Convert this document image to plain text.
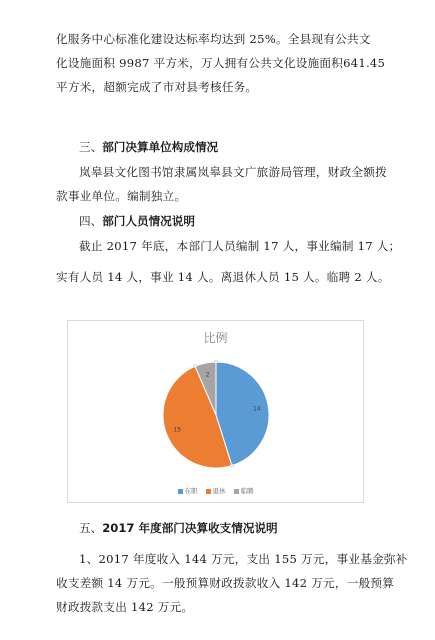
化服务中心标准化建设达标率均达到 25%。全县现有公共文
化设施面积 9987 平方米，万人拥有公共文化设施面积641.45
平方米，超额完成了市对县考核任务。
三、部门决算单位构成情况
岚皋县文化图书馆隶属岚皋县文广旅游局管理，财政全额拨
款事业单位。编制独立。
四、部门人员情况说明
截止 2017 年底，本部门人员编制 17 人，事业编制 17 人；
实有人员 14 人，事业 14 人。离退休人员 15 人。临聘 2 人。
比例
14
15
2
在职 退休 临聘
五、2017 年度部门决算收支情况说明
1、2017 年度收入 144 万元，支出 155 万元，事业基金弥补
收支差额 14 万元。一般预算财政拨款收入 142 万元，一般预算
财政拨款支出 142 万元。
